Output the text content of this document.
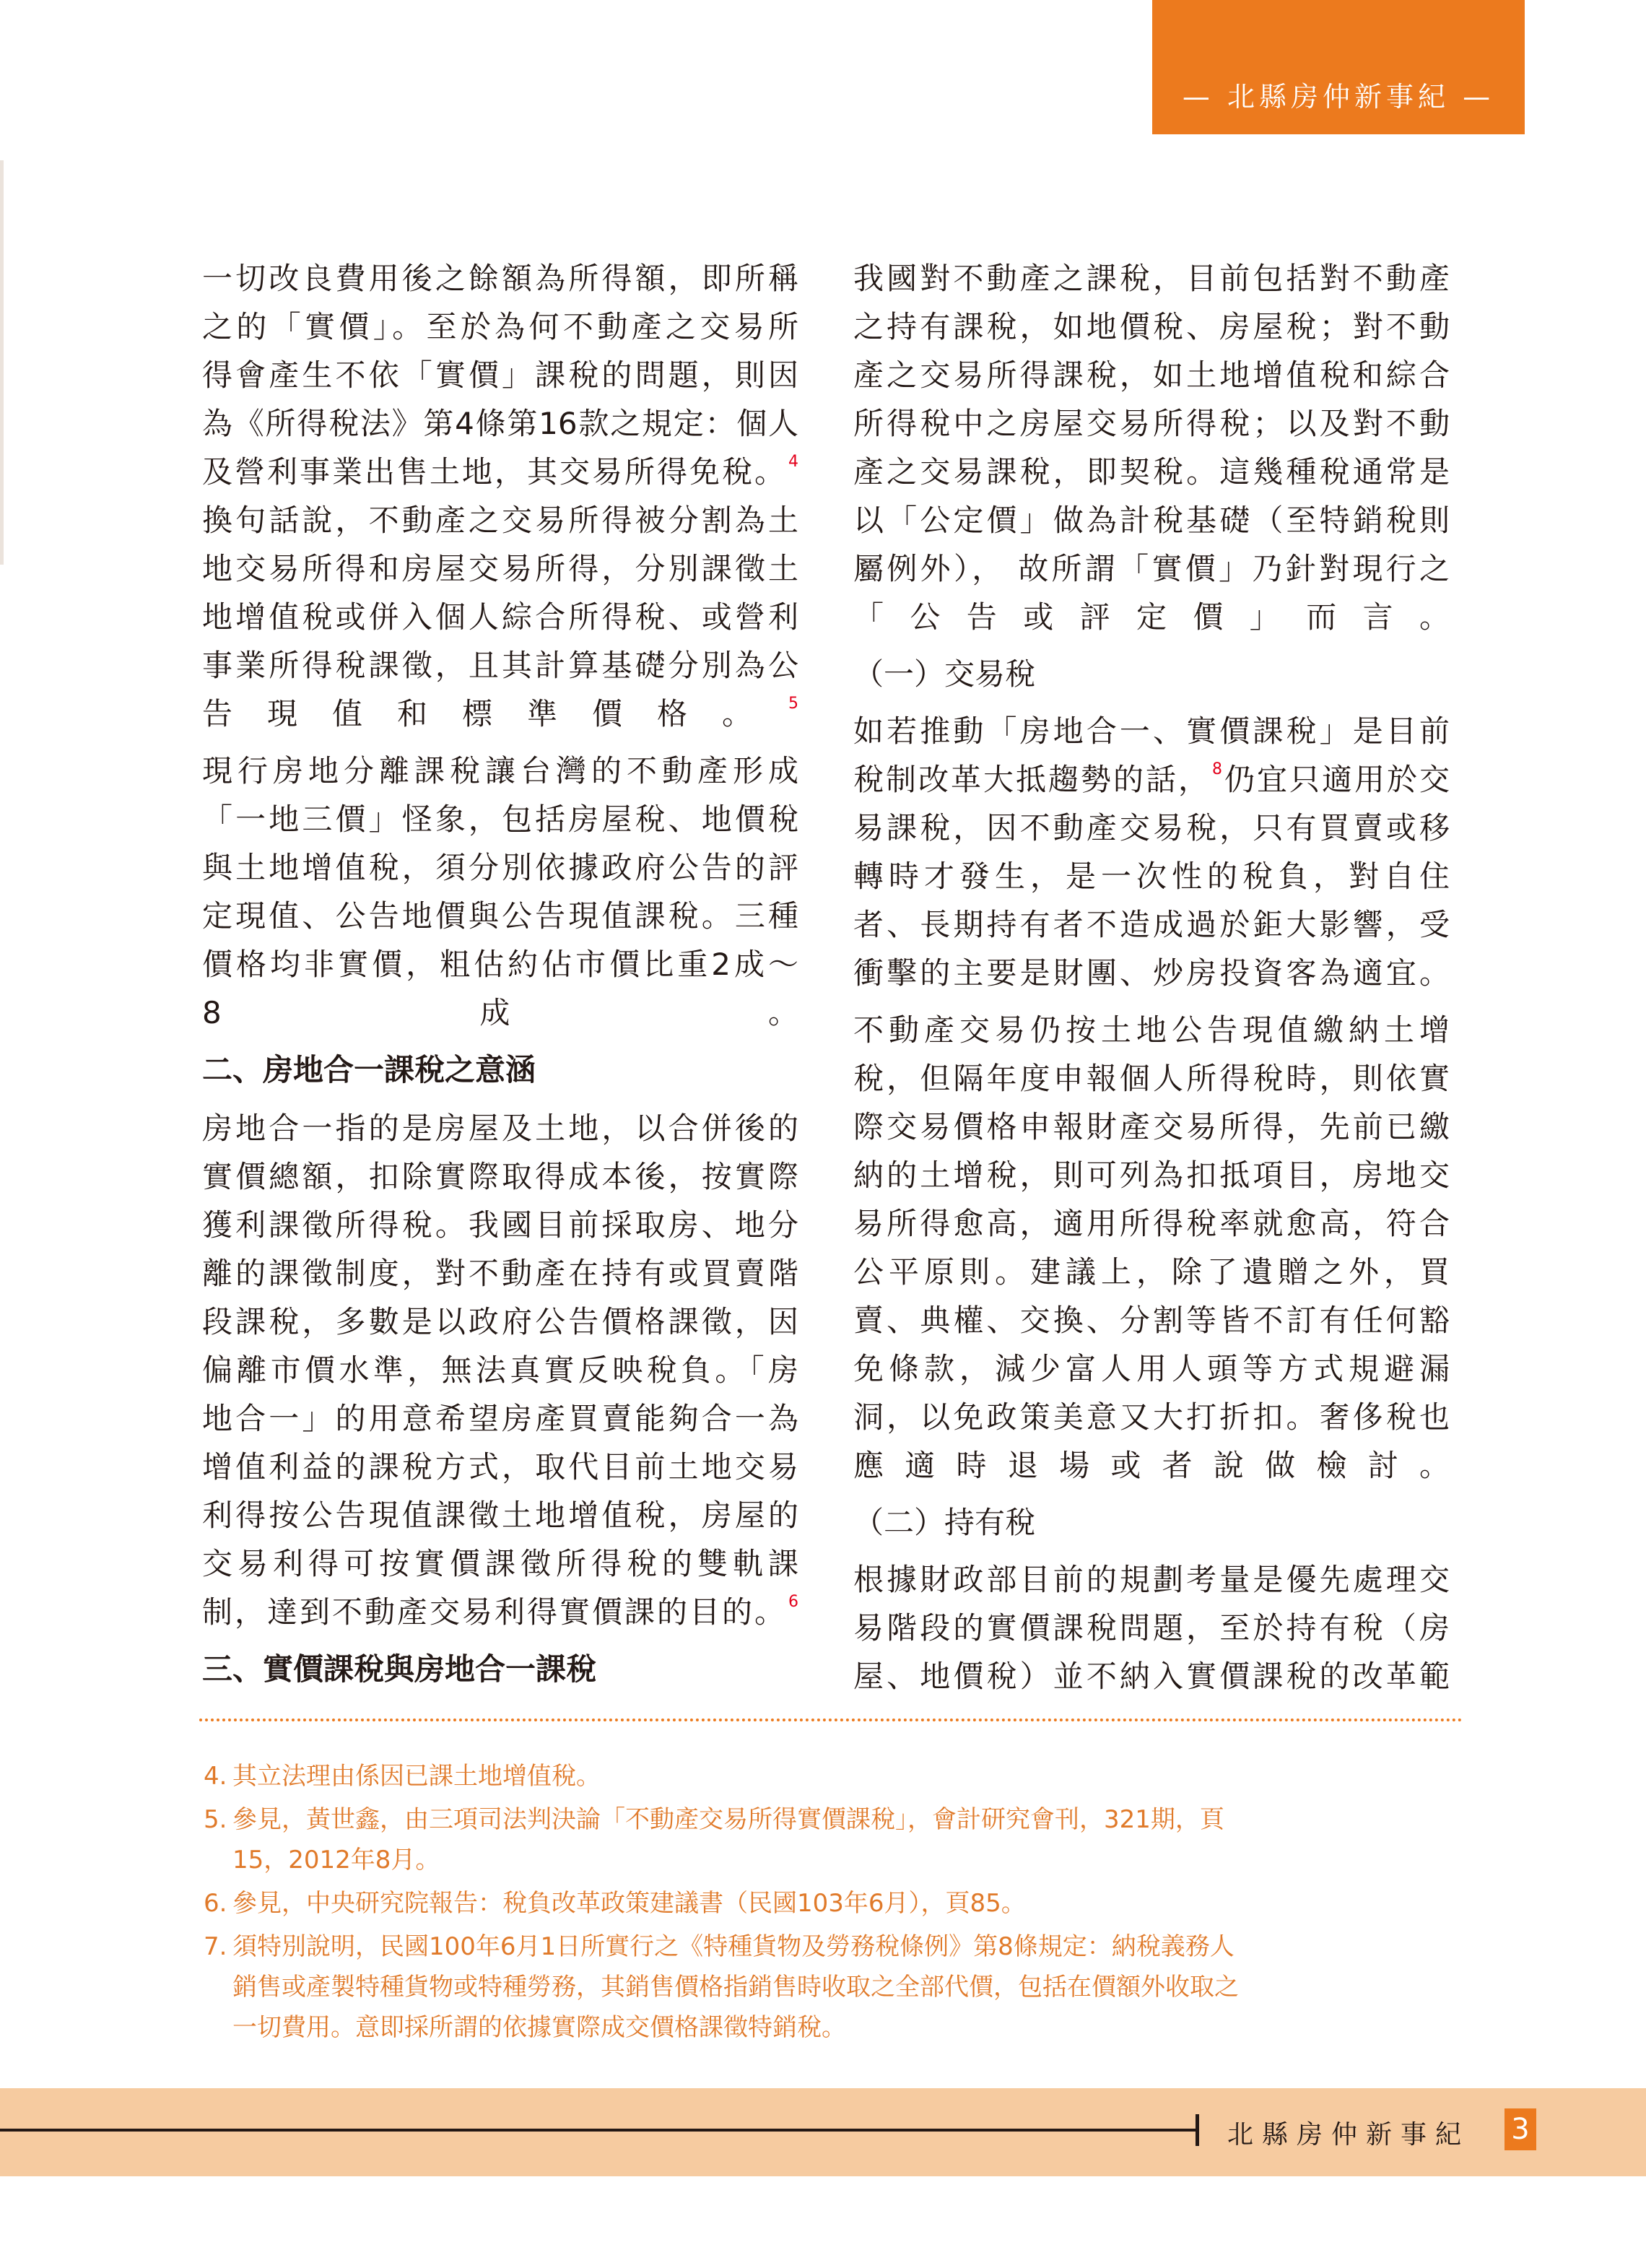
— 北縣房仲新事紀 —
一切改良費用後之餘額為所得額，即所稱
之的「實價」。至於為何不動產之交易所
得會產生不依「實價」課稅的問題，則因
為《所得稅法》第4條第16款之規定：個人
及營利事業出售土地，其交易所得免稅。$^4$
換句話說，不動產之交易所得被分割為土
地交易所得和房屋交易所得，分別課徵土
地增值稅或併入個人綜合所得稅、或營利
事業所得稅課徵，且其計算基礎分別為公
告現值和標準價格。$^5$
現行房地分離課稅讓台灣的不動產形成
「一地三價」怪象，包括房屋稅、地價稅
與土地增值稅，須分別依據政府公告的評
定現值、公告地價與公告現值課稅。三種
價格均非實價，粗估約佔市價比重2成～
8成。
二、房地合一課稅之意涵
房地合一指的是房屋及土地，以合併後的
實價總額，扣除實際取得成本後，按實際
獲利課徵所得稅。我國目前採取房、地分
離的課徵制度，對不動產在持有或買賣階
段課稅，多數是以政府公告價格課徵，因
偏離市價水準，無法真實反映稅負。「房
地合一」的用意希望房產買賣能夠合一為
增值利益的課稅方式，取代目前土地交易
利得按公告現值課徵土地增值稅，房屋的
交易利得可按實價課徵所得稅的雙軌課
制，達到不動產交易利得實價課的目的。$^6$
三、實價課稅與房地合一課稅
我國對不動產之課稅，目前包括對不動產
之持有課稅，如地價稅、房屋稅；對不動
產之交易所得課稅，如土地增值稅和綜合
所得稅中之房屋交易所得稅；以及對不動
產之交易課稅，即契稅。這幾種稅通常是
以「公定價」做為計稅基礎（至特銷稅則
屬例外）， 故所謂「實價」乃針對現行之
「公告或評定價」而言。
（一）交易稅
如若推動「房地合一、實價課稅」是目前
稅制改革大抵趨勢的話，$^8$仍宜只適用於交
易課稅，因不動產交易稅，只有買賣或移
轉時才發生，是一次性的稅負，對自住
者、長期持有者不造成過於鉅大影響，受
衝擊的主要是財團、炒房投資客為適宜。
不動產交易仍按土地公告現值繳納土增
稅，但隔年度申報個人所得稅時，則依實
際交易價格申報財產交易所得，先前已繳
納的土增稅，則可列為扣抵項目，房地交
易所得愈高，適用所得稅率就愈高，符合
公平原則。建議上，除了遺贈之外，買
賣、典權、交換、分割等皆不訂有任何豁
免條款，減少富人用人頭等方式規避漏
洞，以免政策美意又大打折扣。奢侈稅也
應適時退場或者說做檢討。
（二）持有稅
根據財政部目前的規劃考量是優先處理交
易階段的實價課稅問題，至於持有稅（房
屋、地價稅）並不納入實價課稅的改革範
4. 其立法理由係因已課土地增值稅。
5. 參見，黃世鑫，由三項司法判決論「不動產交易所得實價課稅」，會計研究會刊，321期，頁
15，2012年8月。
6. 參見，中央研究院報告：稅負改革政策建議書（民國103年6月），頁85。
7. 須特別說明，民國100年6月1日所實行之《特種貨物及勞務稅條例》第8條規定：納稅義務人
銷售或產製特種貨物或特種勞務，其銷售價格指銷售時收取之全部代價，包括在價額外收取之
一切費用。意即採所謂的依據實際成交價格課徵特銷稅。
北縣房仲新事紀 3
